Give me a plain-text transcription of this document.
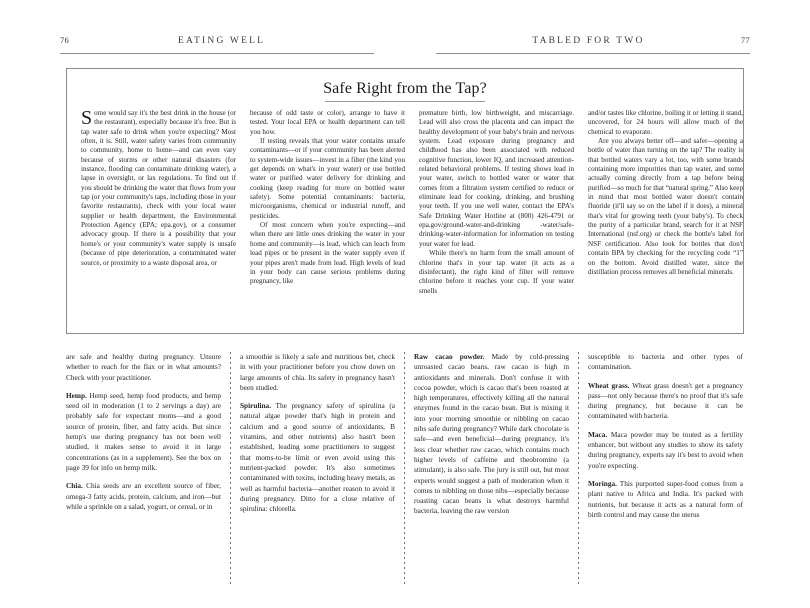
76	EATING WELL	TABLED FOR TWO	77
Safe Right from the Tap?

Some would say it's the best drink in the house (or the restaurant), especially because it's free. But is tap water safe to drink when you're expecting? Most often, it is. Still, water safety varies from community to community, home to home—and can even vary because of storms or other natural disasters (for instance, flooding can contaminate drinking water), a lapse in oversight, or lax regulations. To find out if you should be drinking the water that flows from your tap (or your community's taps, including those in your favorite restaurants), check with your local water supplier or health department, the Environmental Protection Agency (EPA; epa.gov), or a consumer advocacy group. If there is a possibility that your home's or your community's water supply is unsafe (because of pipe deterioration, a contaminated water source, or proximity to a waste disposal area, or

because of odd taste or color), arrange to have it tested. Your local EPA or health department can tell you how.

If testing reveals that your water contains unsafe contaminants—or if your community has been alerted to system-wide issues—invest in a filter (the kind you get depends on what's in your water) or use bottled water or purified water delivery for drinking and cooking (keep reading for more on bottled water safety). Some potential contaminants: bacteria, microorganisms, chemical or industrial runoff, and pesticides.

Of most concern when you're expecting—and when there are little ones drinking the water in your home and community—is lead, which can leach from lead pipes or be present in the water supply even if your pipes aren't made from lead. High levels of lead in your body can cause serious problems during pregnancy, like

premature birth, low birthweight, and miscarriage. Lead will also cross the placenta and can impact the healthy development of your baby's brain and nervous system. Lead exposure during pregnancy and childhood has also been associated with reduced cognitive function, lower IQ, and increased attention-related behavioral problems. If testing shows lead in your water, switch to bottled water or water that comes from a filtration system certified to reduce or eliminate lead for cooking, drinking, and brushing your teeth. If you use well water, contact the EPA's Safe Drinking Water Hotline at (800) 426-4791 or epa.gov/ground-water-and-drinking -water/safe-drinking-water-information for information on testing your water for lead.

While there's no harm from the small amount of chlorine that's in your tap water (it acts as a disinfectant), the right kind of filter will remove chlorine before it reaches your cup. If your water smells

and/or tastes like chlorine, boiling it or letting it stand, uncovered, for 24 hours will allow much of the chemical to evaporate.

Are you always better off—and safer—opening a bottle of water than turning on the tap? The reality is that bottled waters vary a lot, too, with some brands containing more impurities than tap water, and some actually coming directly from a tap before being purified—so much for that “natural spring.” Also keep in mind that most bottled water doesn't contain fluoride (it'll say so on the label if it does), a mineral that's vital for growing teeth (your baby's). To check the purity of a particular brand, search for it at NSF International (nsf.org) or check the bottle's label for NSF certification. Also look for bottles that don't contain BPA by checking for the recycling code “1” on the bottom. Avoid distilled water, since the distillation process removes all beneficial minerals.

are safe and healthy during pregnancy. Unsure whether to reach for the flax or in what amounts? Check with your practitioner.

Hemp. Hemp seed, hemp food products, and hemp seed oil in moderation (1 to 2 servings a day) are probably safe for expectant moms—and a good source of protein, fiber, and fatty acids. But since hemp's use during pregnancy has not been well studied, it makes sense to avoid it in large concentrations (as in a supplement). See the box on page 39 for info on hemp milk.

Chia. Chia seeds are an excellent source of fiber, omega-3 fatty acids, protein, calcium, and iron—but while a sprinkle on a salad, yogurt, or cereal, or in

a smoothie is likely a safe and nutritious bet, check in with your practitioner before you chow down on large amounts of chia. Its safety in pregnancy hasn't been studied.

Spirulina. The pregnancy safety of spirulina (a natural algae powder that's high in protein and calcium and a good source of antioxidants, B vitamins, and other nutrients) also hasn't been established, leading some practitioners to suggest that moms-to-be limit or even avoid using this nutrient-packed powder. It's also sometimes contaminated with toxins, including heavy metals, as well as harmful bacteria—another reason to avoid it during pregnancy. Ditto for a close relative of spirulina: chlorella.

Raw cacao powder. Made by cold-pressing unroasted cacao beans, raw cacao is high in antioxidants and minerals. Don't confuse it with cocoa powder, which is cacao that's been roasted at high temperatures, effectively killing all the natural enzymes found in the cacao bean. But is mixing it into your morning smoothie or nibbling on cacao nibs safe during pregnancy? While dark chocolate is safe—and even beneficial—during pregnancy, it's less clear whether raw cacao, which contains much higher levels of caffeine and theobromine (a stimulant), is also safe. The jury is still out, but most experts would suggest a path of moderation when it comes to nibbling on those nibs—especially because roasting cacao beans is what destroys harmful bacteria, leaving the raw version

susceptible to bacteria and other types of contamination.

Wheat grass. Wheat grass doesn't get a pregnancy pass—not only because there's no proof that it's safe during pregnancy, but because it can be contaminated with bacteria.

Maca. Maca powder may be touted as a fertility enhancer, but without any studies to show its safety during pregnancy, experts say it's best to avoid when you're expecting.

Moringa. This purported super-food comes from a plant native to Africa and India. It's packed with nutrients, but because it acts as a natural form of birth control and may cause the uterus
